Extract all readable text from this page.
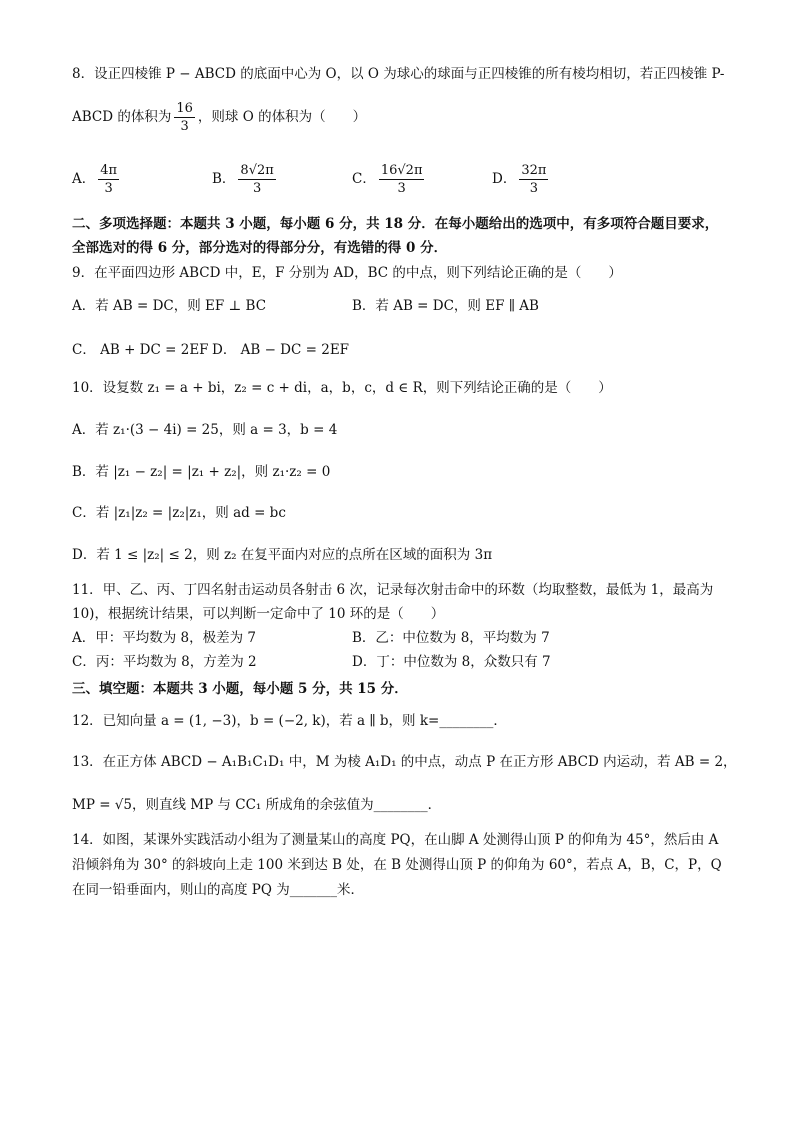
8．设正四棱锥 P − ABCD 的底面中心为 O，以 O 为球心的球面与正四棱锥的所有棱均相切，若正四棱锥 P-
ABCD 的体积为 $\frac{16}{3}$ ，则球 O 的体积为（　　）
A． $\frac{4\pi}{3}$	B． $\frac{8√2\pi}{3}$	C． $\frac{16√2\pi}{3}$	D． $\frac{32\pi}{3}$
二、多项选择题：本题共 3 小题，每小题 6 分，共 18 分．在每小题给出的选项中，有多项符合题目要求，
全部选对的得 6 分，部分选对的得部分分，有选错的得 0 分．
9．在平面四边形 ABCD 中，E，F 分别为 AD，BC 的中点，则下列结论正确的是（　　）
A．若 AB = DC，则 EF ⊥ BC	B．若 AB = DC，则 EF ∥ AB
C． AB + DC = 2EF D． AB − DC = 2EF
10．设复数 z₁ = a + bi，z₂ = c + di，a，b，c，d ∈ R，则下列结论正确的是（　　）
A．若 z₁·(3 − 4i) = 25，则 a = 3，b = 4
B．若 |z₁ − z₂| = |z₁ + z₂|，则 z₁·z₂ = 0
C．若 |z₁|z₂ = |z₂|z₁，则 ad = bc
D．若 1 ≤ |z₂| ≤ 2，则 z₂ 在复平面内对应的点所在区域的面积为 3π
11．甲、乙、丙、丁四名射击运动员各射击 6 次，记录每次射击命中的环数（均取整数，最低为 1，最高为
10)，根据统计结果，可以判断一定命中了 10 环的是（　　）
A．甲：平均数为 8，极差为 7	B．乙：中位数为 8，平均数为 7
C．丙：平均数为 8，方差为 2	D．丁：中位数为 8，众数只有 7
三、填空题：本题共 3 小题，每小题 5 分，共 15 分．
12．已知向量 a = (1, −3)，b = (−2, k)，若 a ∥ b，则 k=________．
13．在正方体 ABCD − A₁B₁C₁D₁ 中，M 为棱 A₁D₁ 的中点，动点 P 在正方形 ABCD 内运动，若 AB = 2，
MP = √5，则直线 MP 与 CC₁ 所成角的余弦值为________．
14．如图，某课外实践活动小组为了测量某山的高度 PQ，在山脚 A 处测得山顶 P 的仰角为 45°，然后由 A
沿倾斜角为 30° 的斜坡向上走 100 米到达 B 处，在 B 处测得山顶 P 的仰角为 60°，若点 A，B，C，P，Q
在同一铅垂面内，则山的高度 PQ 为_______米．
